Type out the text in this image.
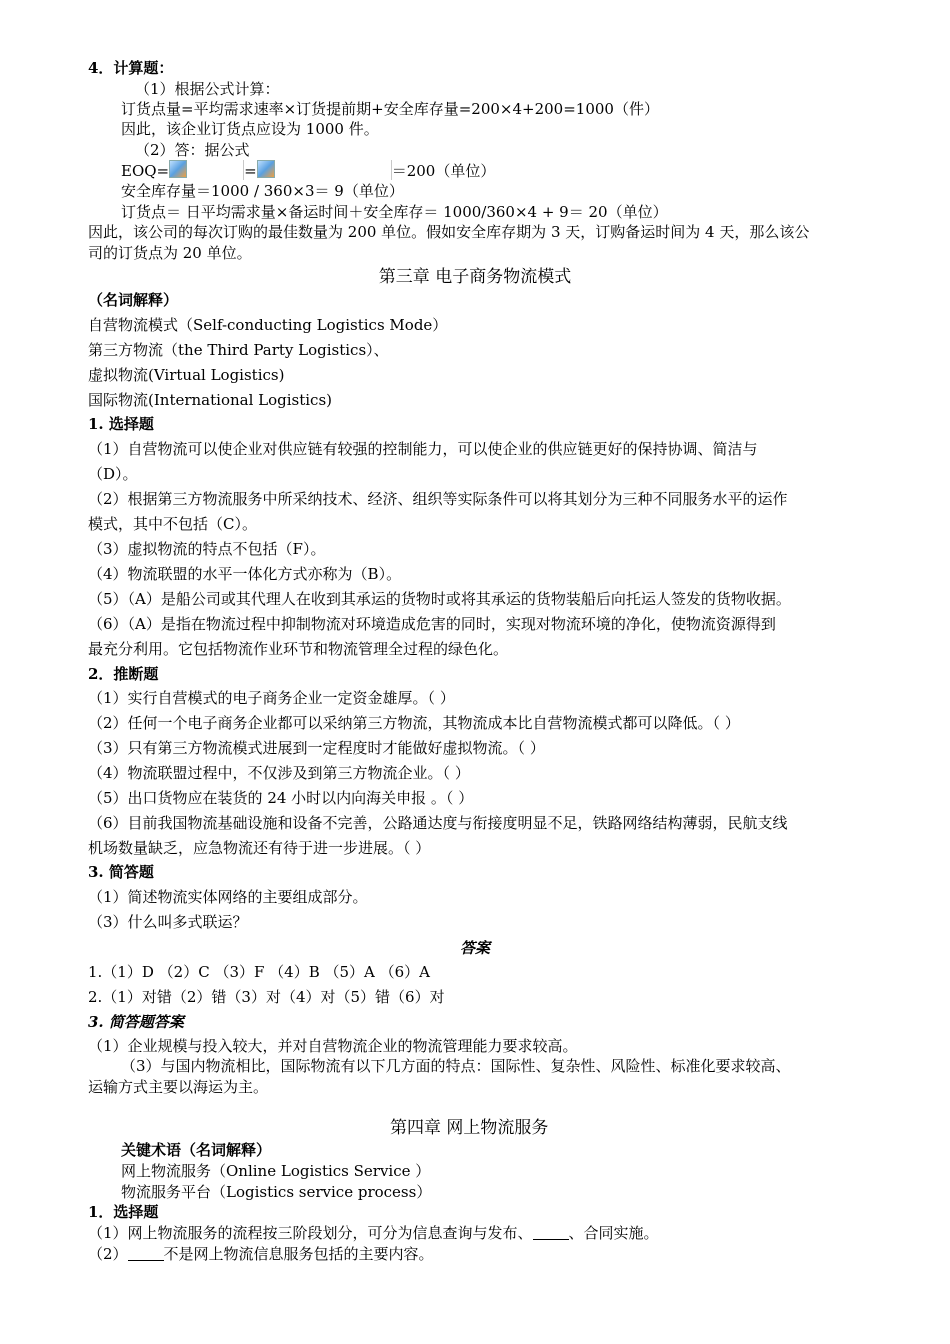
4．计算题：
（1）根据公式计算：
订货点量=平均需求速率×订货提前期+安全库存量=200×4+200=1000（件）
因此，该企业订货点应设为 1000 件。
（2）答：据公式
EOQ=	=	＝200（单位）
安全库存量＝1000 / 360×3＝ 9（单位）
订货点＝ 日平均需求量×备运时间＋安全库存＝ 1000/360×4 + 9＝ 20（单位）
因此，该公司的每次订购的最佳数量为 200 单位。假如安全库存期为 3 天，订购备运时间为 4 天，那么该公
司的订货点为 20 单位。
第三章 电子商务物流模式
（名词解释）
自营物流模式（Self-conducting Logistics Mode）
第三方物流（the Third Party Logistics）、
虚拟物流(Virtual Logistics)
国际物流(International Logistics)
1. 选择题
（1）自营物流可以使企业对供应链有较强的控制能力，可以使企业的供应链更好的保持协调、简洁与
（D）。
（2）根据第三方物流服务中所采纳技术、经济、组织等实际条件可以将其划分为三种不同服务水平的运作
模式，其中不包括（C）。
（3）虚拟物流的特点不包括（F）。
（4）物流联盟的水平一体化方式亦称为（B）。
（5）（A）是船公司或其代理人在收到其承运的货物时或将其承运的货物装船后向托运人签发的货物收据。
（6）（A）是指在物流过程中抑制物流对环境造成危害的同时，实现对物流环境的净化，使物流资源得到
最充分利用。它包括物流作业环节和物流管理全过程的绿色化。
2．推断题
（1）实行自营模式的电子商务企业一定资金雄厚。（ ）
（2）任何一个电子商务企业都可以采纳第三方物流，其物流成本比自营物流模式都可以降低。（ ）
（3）只有第三方物流模式进展到一定程度时才能做好虚拟物流。（ ）
（4）物流联盟过程中，不仅涉及到第三方物流企业。（ ）
（5）出口货物应在装货的 24 小时以内向海关申报 。（ ）
（6）目前我国物流基础设施和设备不完善，公路通达度与衔接度明显不足，铁路网络结构薄弱，民航支线
机场数量缺乏，应急物流还有待于进一步进展。（ ）
3. 简答题
（1）简述物流实体网络的主要组成部分。
（3）什么叫多式联运？
答案
1.（1）D （2）C （3）F （4）B （5）A （6）A
2.（1）对错（2）错（3）对（4）对（5）错（6）对
3. 简答题答案
（1）企业规模与投入较大，并对自营物流企业的物流管理能力要求较高。
（3）与国内物流相比，国际物流有以下几方面的特点：国际性、复杂性、风险性、标准化要求较高、
运输方式主要以海运为主。
第四章 网上物流服务
关键术语（名词解释）
网上物流服务（Online Logistics Service ）
物流服务平台（Logistics service process）
1．选择题
（1）网上物流服务的流程按三阶段划分，可分为信息查询与发布、 、合同实施。
（2） 不是网上物流信息服务包括的主要内容。
